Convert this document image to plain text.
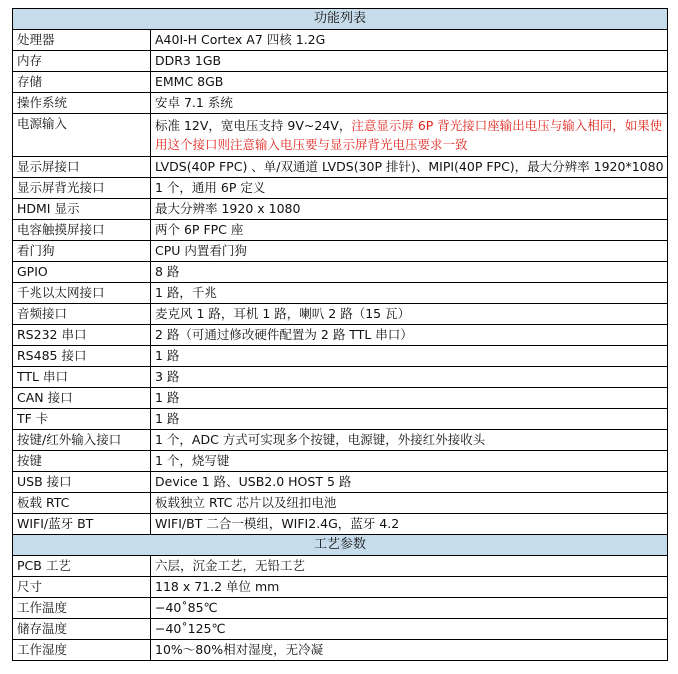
功能列表	
处理器	A40I-H Cortex A7 四核 1.2G
内存	DDR3 1GB
存储	EMMC 8GB
操作系统	安卓 7.1 系统
电源输入	标准 12V，宽电压支持 9V~24V，注意显示屏 6P 背光接口座输出电压与输入相同，如果使用这个接口则注意输入电压要与显示屏背光电压要求一致
显示屏接口	LVDS(40P FPC) 、单/双通道 LVDS(30P 排针)、MIPI(40P FPC)，最大分辨率 1920*1080
显示屏背光接口	1 个，通用 6P 定义
HDMI 显示	最大分辨率 1920 x 1080
电容触摸屏接口	两个 6P FPC 座
看门狗	CPU 内置看门狗
GPIO	8 路
千兆以太网接口	1 路，千兆
音频接口	麦克风 1 路，耳机 1 路，喇叭 2 路（15 瓦）
RS232 串口	2 路（可通过修改硬件配置为 2 路 TTL 串口）
RS485 接口	1 路
TTL 串口	3 路
CAN 接口	1 路
TF 卡	1 路
按键/红外输入接口	1 个，ADC 方式可实现多个按键，电源键，外接红外接收头
按键	1 个，烧写键
USB 接口	Device 1 路、USB2.0 HOST 5 路
板载 RTC	板载独立 RTC 芯片以及纽扣电池
WIFI/蓝牙 BT	WIFI/BT 二合一模组，WIFI2.4G，蓝牙 4.2
工艺参数	
PCB 工艺	六层，沉金工艺，无铅工艺
尺寸	118 x 71.2 单位 mm
工作温度	−40˚85℃
储存温度	−40˚125℃
工作湿度	10%～80%相对湿度，无冷凝
